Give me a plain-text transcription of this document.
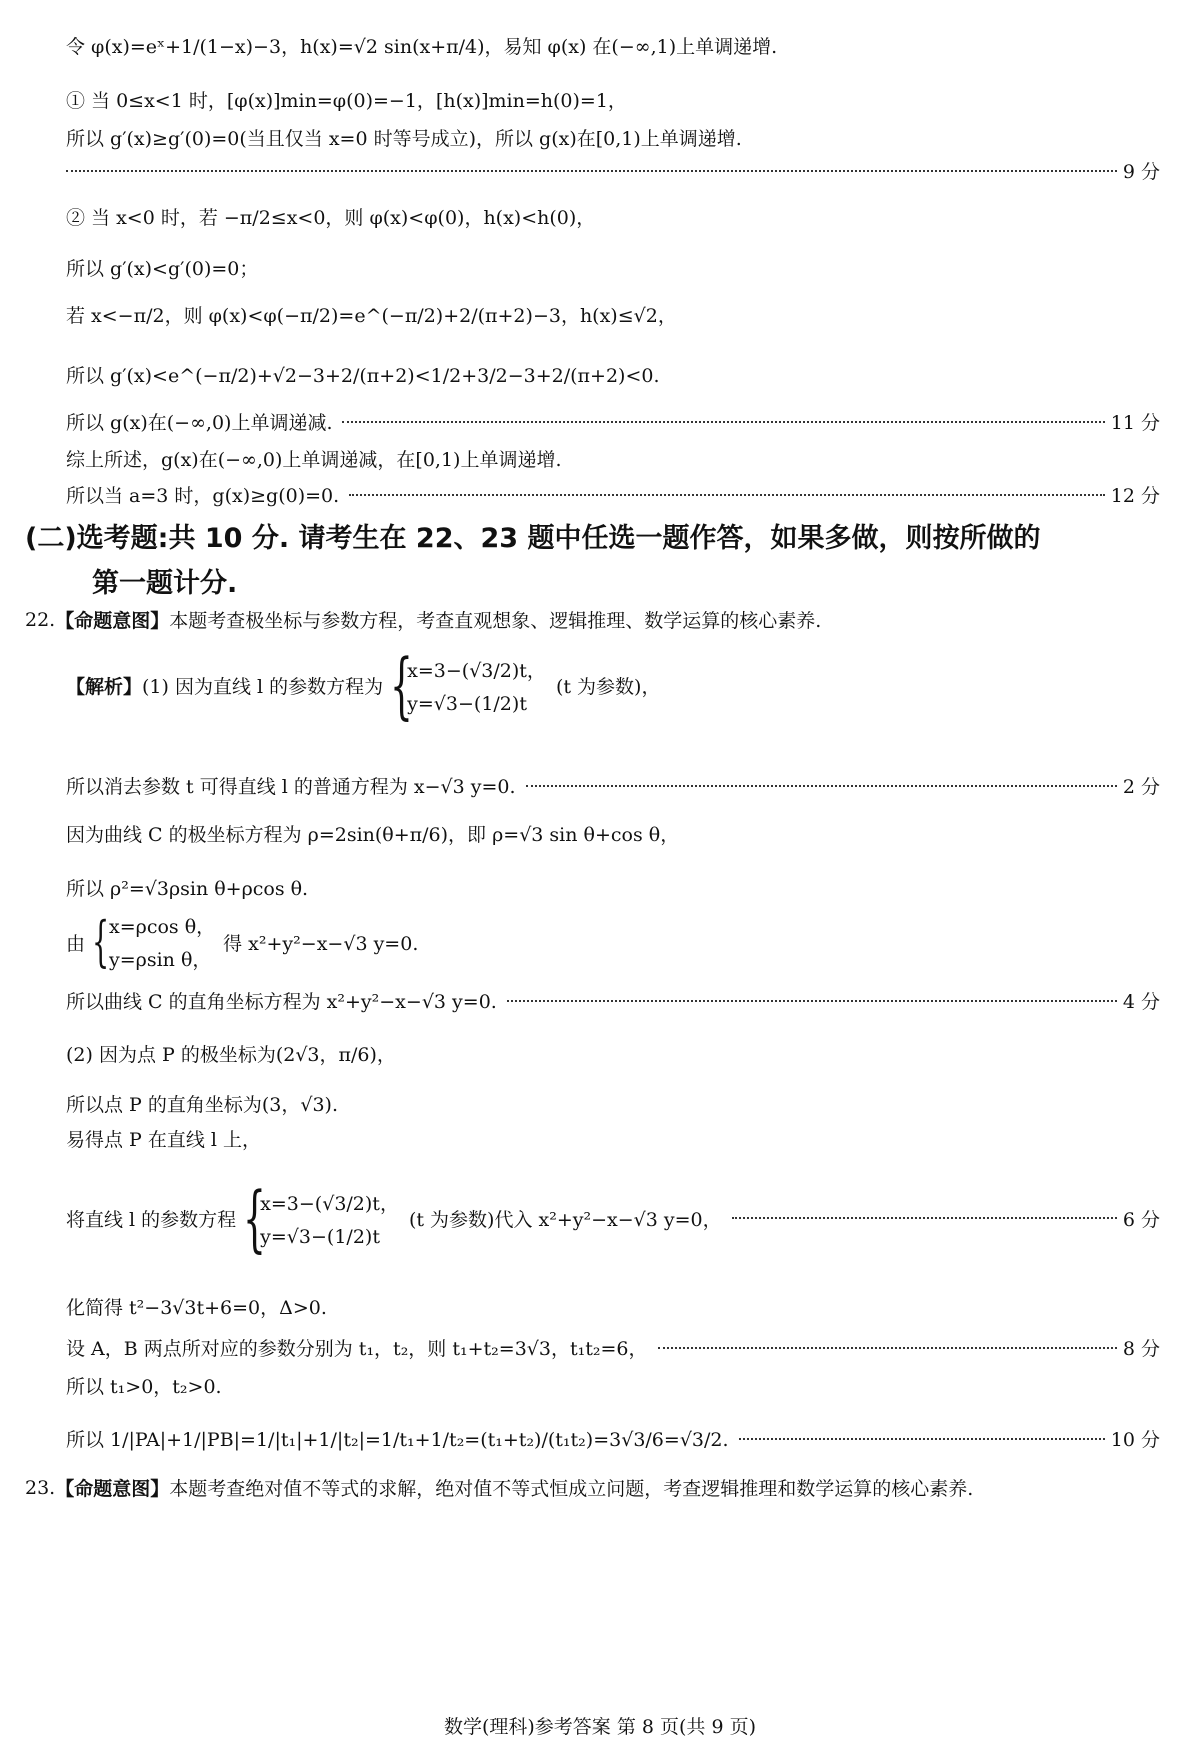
令 φ(x)=eˣ+1/(1−x)−3，h(x)=√2 sin(x+π/4)，易知 φ(x) 在(−∞,1)上单调递增.
① 当 0≤x<1 时，[φ(x)]min=φ(0)=−1，[h(x)]min=h(0)=1，
所以 g′(x)≥g′(0)=0(当且仅当 x=0 时等号成立)，所以 g(x)在[0,1)上单调递增.
9 分
② 当 x<0 时，若 −π/2≤x<0，则 φ(x)<φ(0)，h(x)<h(0)，
所以 g′(x)<g′(0)=0；
若 x<−π/2，则 φ(x)<φ(−π/2)=e^(−π/2)+2/(π+2)−3，h(x)≤√2，
所以 g′(x)<e^(−π/2)+√2−3+2/(π+2)<1/2+3/2−3+2/(π+2)<0.
所以 g(x)在(−∞,0)上单调递减.	11 分
综上所述，g(x)在(−∞,0)上单调递减，在[0,1)上单调递增.
所以当 a=3 时，g(x)≥g(0)=0.	12 分
(二)选考题:共 10 分. 请考生在 22、23 题中任选一题作答，如果多做，则按所做的
第一题计分.
22. 【命题意图】 本题考查极坐标与参数方程，考查直观想象、逻辑推理、数学运算的核心素养.
【解析】 (1) 因为直线 l 的参数方程为 {
x=3−(√3/2)t，
y=√3−(1/2)t
(t 为参数)，
所以消去参数 t 可得直线 l 的普通方程为 x−√3 y=0.	2 分
因为曲线 C 的极坐标方程为 ρ=2sin(θ+π/6)，即 ρ=√3 sin θ+cos θ，
所以 ρ²=√3ρsin θ+ρcos θ.
由 { x=ρcos θ，
y=ρsin θ，
得 x²+y²−x−√3 y=0.
所以曲线 C 的直角坐标方程为 x²+y²−x−√3 y=0.	4 分
(2) 因为点 P 的极坐标为(2√3，π/6)，
所以点 P 的直角坐标为(3，√3).
易得点 P 在直线 l 上，
将直线 l 的参数方程 {
x=3−(√3/2)t，
y=√3−(1/2)t
(t 为参数)代入 x²+y²−x−√3 y=0，	6 分
化简得 t²−3√3t+6=0，Δ>0.
设 A，B 两点所对应的参数分别为 t₁，t₂，则 t₁+t₂=3√3，t₁t₂=6，	8 分
所以 t₁>0，t₂>0.
所以 1/|PA|+1/|PB|=1/|t₁|+1/|t₂|=1/t₁+1/t₂=(t₁+t₂)/(t₁t₂)=3√3/6=√3/2.	10 分
23. 【命题意图】 本题考查绝对值不等式的求解，绝对值不等式恒成立问题，考查逻辑推理和数学运算的核心素养.
数学(理科)参考答案 第 8 页(共 9 页)
